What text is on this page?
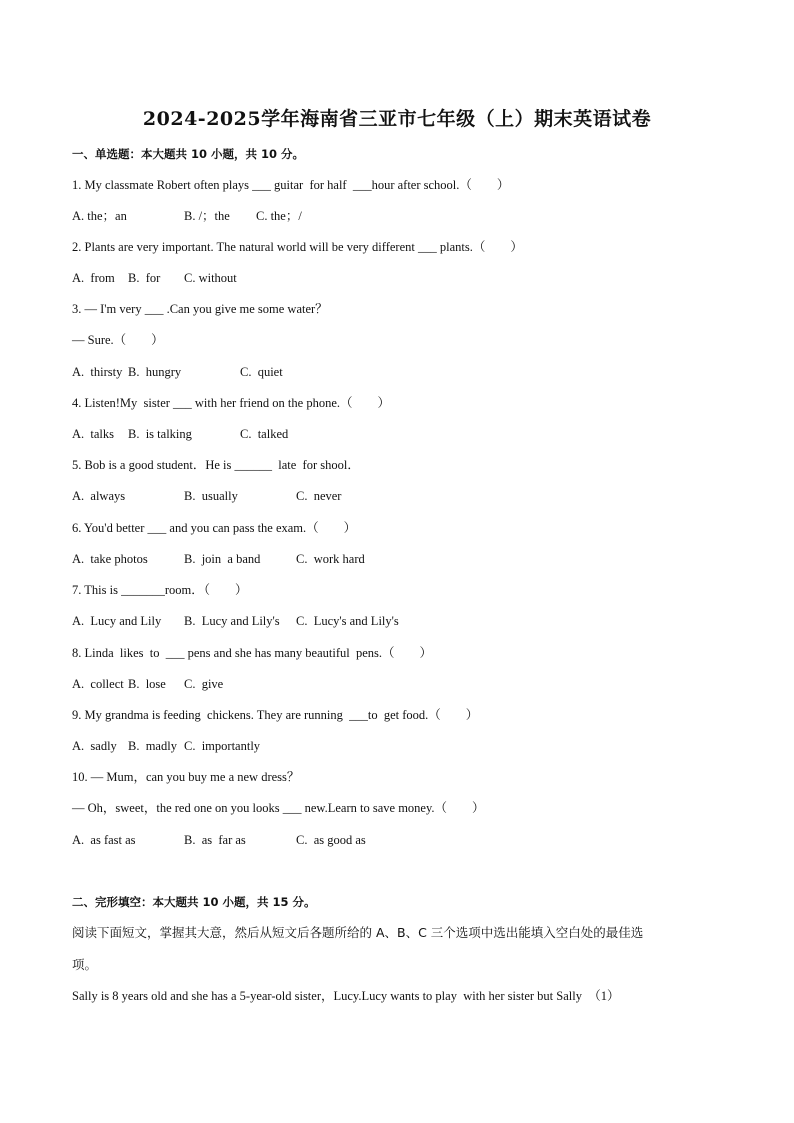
2024-2025学年海南省三亚市七年级（上）期末英语试卷
一、单选题：本大题共 10 小题，共 10 分。
1. My classmate Robert often plays ___ guitar  for half  ___hour after school.（        ）

A. the；an

	B. /；the

C. the；/

2. Plants are very important. The natural world will be very different ___ plants.（        ）

A.  from

B.  for

C. without

3. — I'm very ___ .Can you give me some water？
— Sure.（        ）

A.  thirsty

B.  hungry

	C.  quiet

4. Listen!My  sister ___ with her friend on the phone.（        ）

A.  talks

B.  is talking

	C.  talked

5. Bob is a good student．He is ______  late  for shool．

A.  always

	B.  usually

	C.  never

6. You'd better ___ and you can pass the exam.（        ）

A.  take photos

	B.  join  a band

	C.  work hard

7. This is _______room．（        ）

A.  Lucy and Lily

B.  Lucy and Lily's

C.  Lucy's and Lily's

8. Linda  likes  to  ___ pens and she has many beautiful  pens.（        ）

A.  collect

B.  lose

C.  give

9. My grandma is feeding  chickens. They are running  ___to  get food.（        ）

A.  sadly

B.  madly

C.  importantly

10. — Mum，can you buy me a new dress？
— Oh，sweet，the red one on you looks ___ new.Learn to save money.（        ）

A.  as fast as

	B.  as  far as

	C.  as good as

二、完形填空：本大题共 10 小题，共 15 分。
阅读下面短文，掌握其大意，然后从短文后各题所给的 A、B、C 三个选项中选出能填入空白处的最佳选
项。
Sally is 8 years old and she has a 5-year-old sister，Lucy.Lucy wants to play  with her sister but Sally  （1）
